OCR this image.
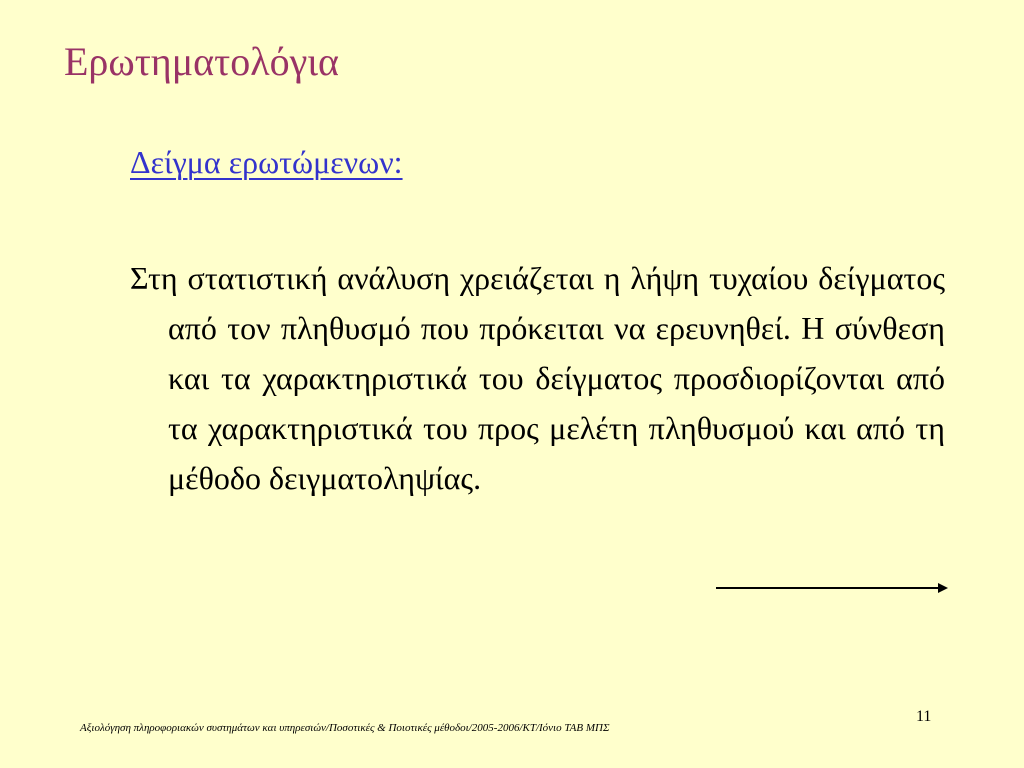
Ερωτηματολόγια
Δείγμα ερωτώμενων:

Στη στατιστική ανάλυση χρειάζεται η λήψη τυχαίου δείγματος από τον πληθυσμό που πρόκειται να ερευνηθεί. Η σύνθεση και τα χαρακτηριστικά του δείγματος προσδιορίζονται από τα χαρακτηριστικά του προς μελέτη πληθυσμού και από τη μέθοδο δειγματοληψίας.

Αξιολόγηση πληροφοριακών συστημάτων και υπηρεσιών/Ποσοτικές & Ποιοτικές μέθοδοι/2005-2006/ΚΤ/Ιόνιο ΤΑΒ ΜΠΣ
11
